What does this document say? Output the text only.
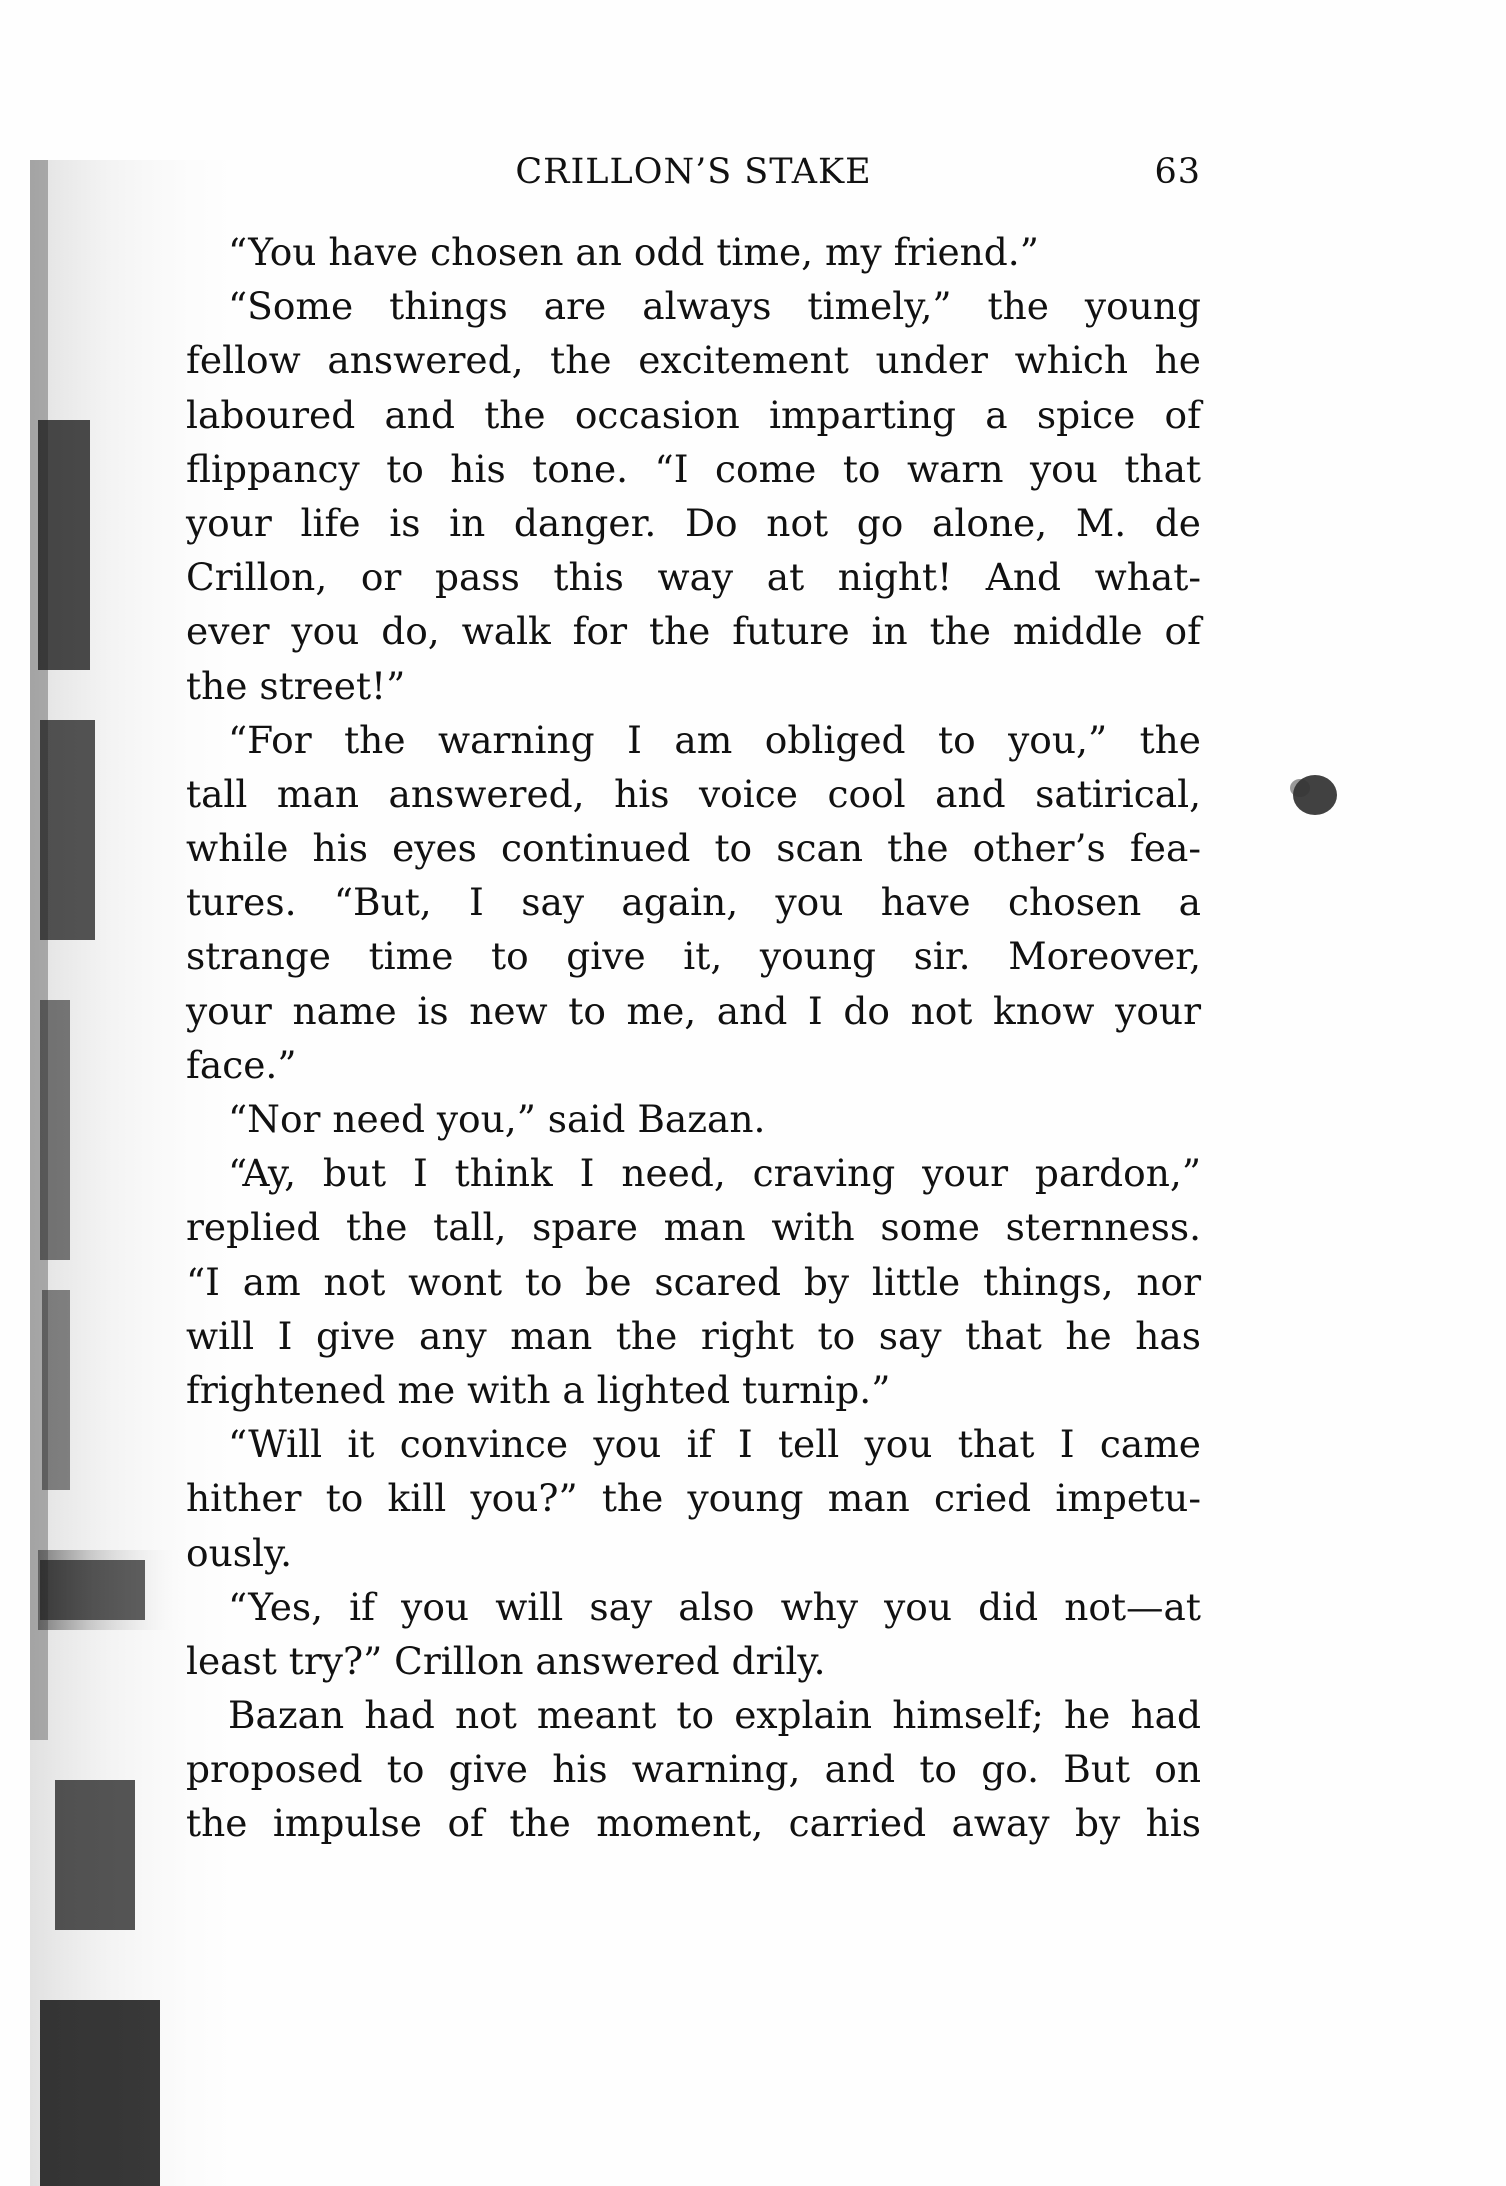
CRILLON’S STAKE	63
“You have chosen an odd time, my friend.”
“Some things are always timely,” the young
fellow answered, the excitement under which he
laboured and the occasion imparting a spice of
flippancy to his tone. “I come to warn you that
your life is in danger. Do not go alone, M. de
Crillon, or pass this way at night! And what-
ever you do, walk for the future in the middle of
the street!”
“For the warning I am obliged to you,” the
tall man answered, his voice cool and satirical,
while his eyes continued to scan the other’s fea-
tures. “But, I say again, you have chosen a
strange time to give it, young sir. Moreover,
your name is new to me, and I do not know your
face.”
“Nor need you,” said Bazan.
“Ay, but I think I need, craving your pardon,”
replied the tall, spare man with some sternness.
“I am not wont to be scared by little things, nor
will I give any man the right to say that he has
frightened me with a lighted turnip.”
“Will it convince you if I tell you that I came
hither to kill you?” the young man cried impetu-
ously.
“Yes, if you will say also why you did not—at
least try?” Crillon answered drily.
Bazan had not meant to explain himself; he had
proposed to give his warning, and to go. But on
the impulse of the moment, carried away by his
